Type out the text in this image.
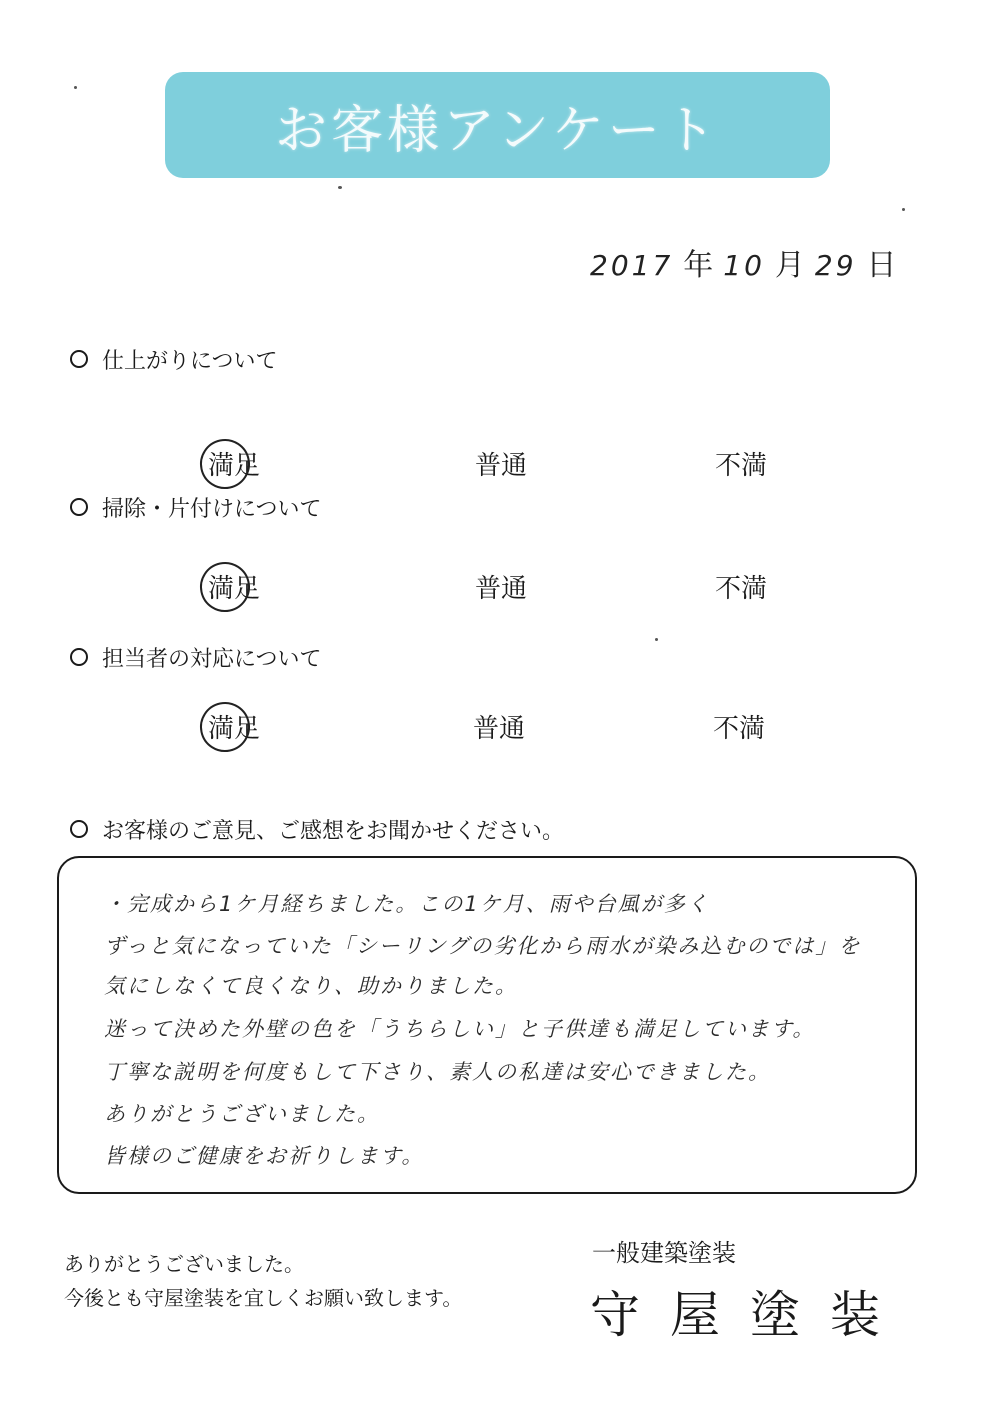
お客様アンケート
2017 年 10 月 29 日
仕上がりについて
満足	普通	不満
掃除・片付けについて
満足	普通	不満
担当者の対応について
満足	普通	不満
お客様のご意見、ご感想をお聞かせください。
・完成から1ケ月経ちました。この1ケ月、雨や台風が多く
ずっと気になっていた「シーリングの劣化から雨水が染み込むのでは」を
気にしなくて良くなり、助かりました。
迷って決めた外壁の色を「うちらしい」と子供達も満足しています。
丁寧な説明を何度もして下さり、素人の私達は安心できました。
ありがとうございました。
皆様のご健康をお祈りします。
ありがとうございました。
今後とも守屋塗装を宜しくお願い致します。
一般建築塗装
守屋塗装
